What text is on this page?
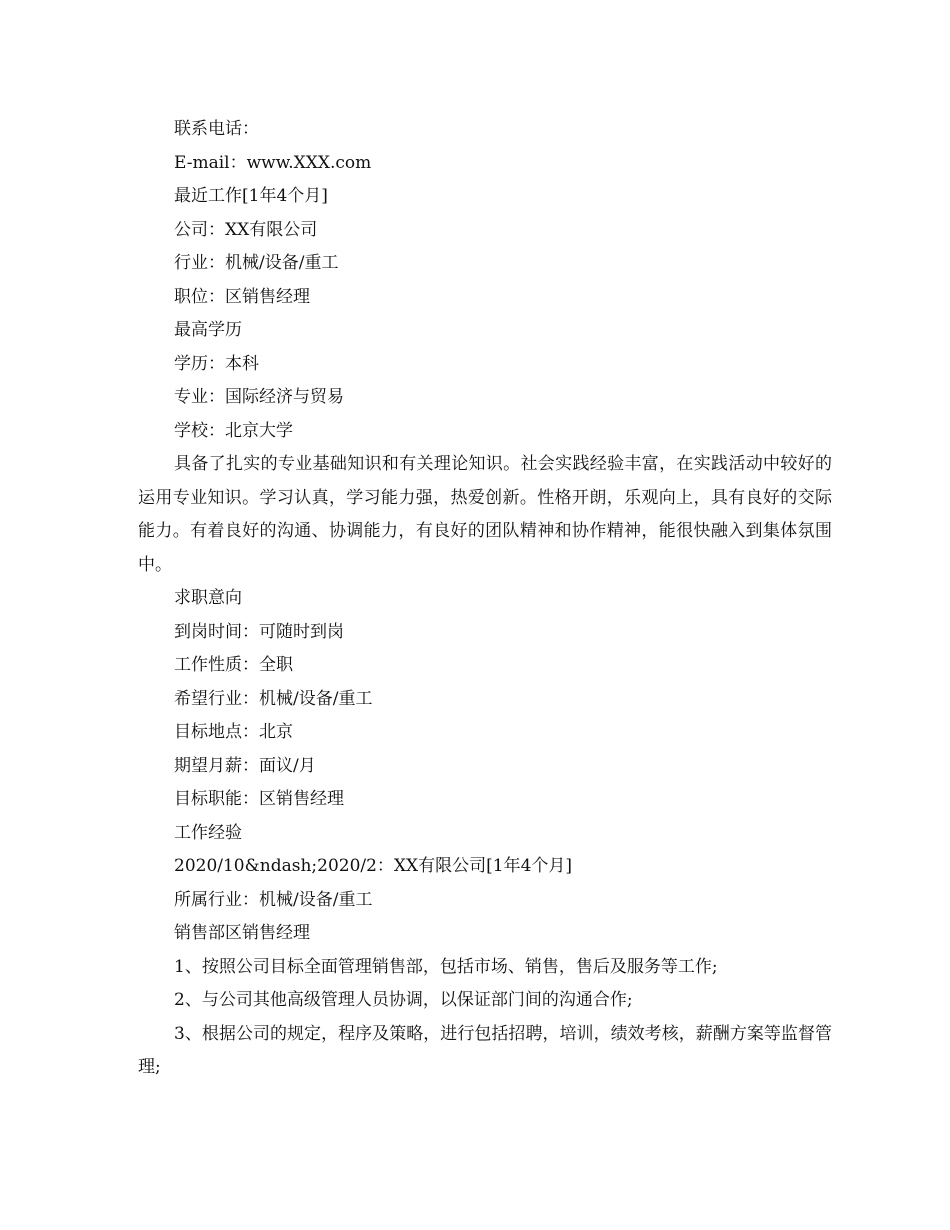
联系电话：
E-mail：www.XXX.com
最近工作[1年4个月]
公司：XX有限公司
行业：机械/设备/重工
职位：区销售经理
最高学历
学历：本科
专业：国际经济与贸易
学校：北京大学

具备了扎实的专业基础知识和有关理论知识。社会实践经验丰富，在实践活动中较好的运用专业知识。学习认真，学习能力强，热爱创新。性格开朗，乐观向上，具有良好的交际能力。有着良好的沟通、协调能力，有良好的团队精神和协作精神，能很快融入到集体氛围中。

求职意向
到岗时间：可随时到岗
工作性质：全职
希望行业：机械/设备/重工
目标地点：北京
期望月薪：面议/月
目标职能：区销售经理
工作经验
2020/10&ndash;2020/2：XX有限公司[1年4个月]
所属行业：机械/设备/重工
销售部区销售经理
1、按照公司目标全面管理销售部，包括市场、销售，售后及服务等工作;
2、与公司其他高级管理人员协调，以保证部门间的沟通合作;

3、根据公司的规定，程序及策略，进行包括招聘，培训，绩效考核，薪酬方案等监督管理;
